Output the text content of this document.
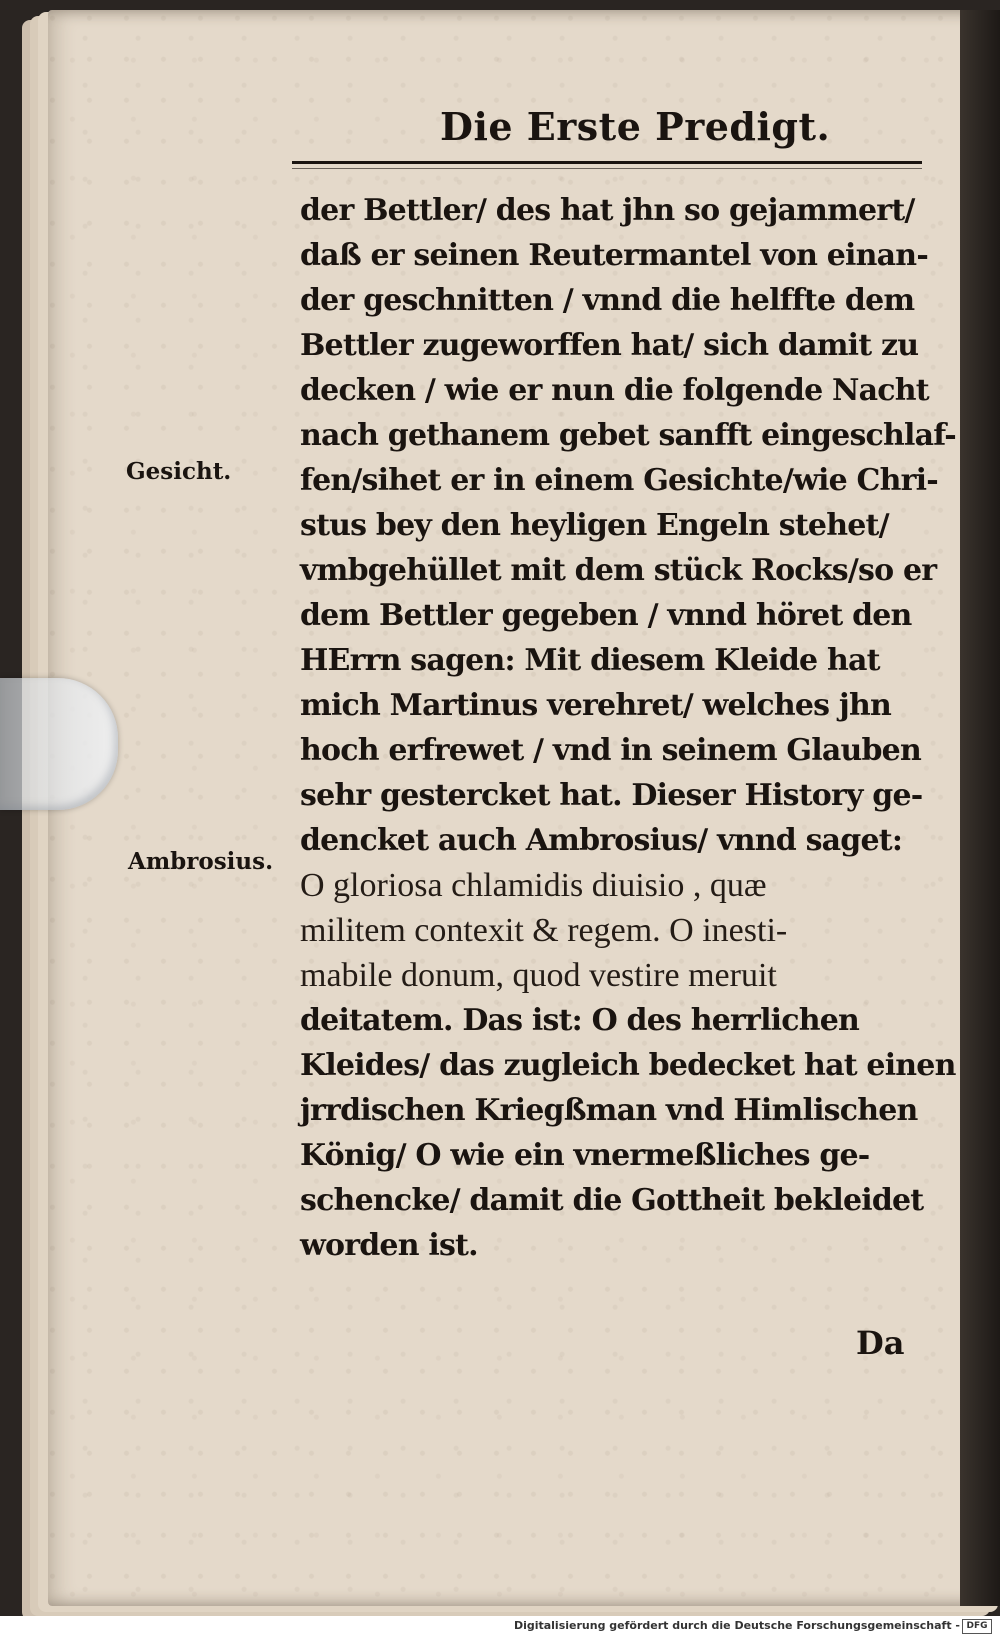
Die Erste Predigt.
Gesicht.
Ambrosius.
der Bettler/ des hat jhn so gejammert/
daß er seinen Reutermantel von einan-
der geschnitten / vnnd die helffte dem
Bettler zugeworffen hat/ sich damit zu
decken / wie er nun die folgende Nacht
nach gethanem gebet sanfft eingeschlaf-
fen/sihet er in einem Gesichte/wie Chri-
stus bey den heyligen Engeln stehet/
vmbgehüllet mit dem stück Rocks/so er
dem Bettler gegeben / vnnd höret den
HErrn sagen: Mit diesem Kleide hat
mich Martinus verehret/ welches jhn
hoch erfrewet / vnd in seinem Glauben
sehr gestercket hat. Dieser History ge-
dencket auch Ambrosius/ vnnd saget:
O gloriosa chlamidis diuisio , quæ
militem contexit & regem. O inesti-
mabile donum, quod vestire meruit
deitatem. Das ist: O des herrlichen
Kleides/ das zugleich bedecket hat einen
jrrdischen Kriegßman vnd Himlischen
König/ O wie ein vnermeßliches ge-
schencke/ damit die Gottheit bekleidet
worden ist.
Da
Digitalisierung gefördert durch die Deutsche Forschungsgemeinschaft - DFG
